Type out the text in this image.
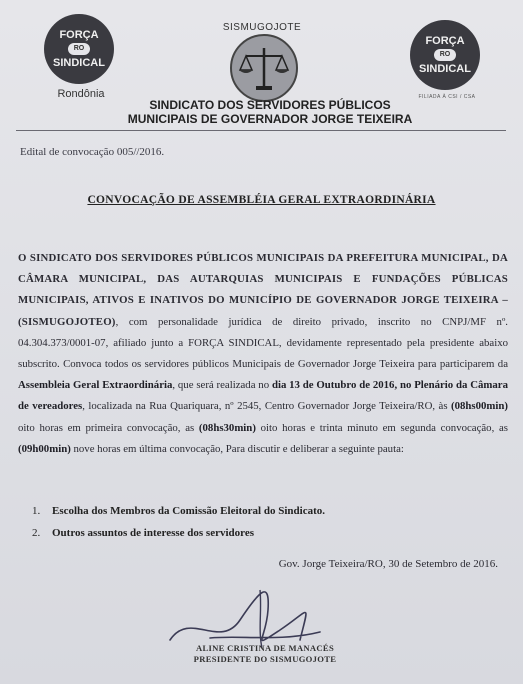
FORÇA
RO
SINDICAL
Rondônia
SISMUGOJOTE
FORÇA
RO
SINDICAL
FILIADA À CSI / CSA
SINDICATO DOS SERVIDORES PÚBLICOS
MUNICIPAIS DE GOVERNADOR JORGE TEIXEIRA
Edital de convocação 005//2016.
CONVOCAÇÃO DE ASSEMBLÉIA GERAL EXTRAORDINÁRIA
O SINDICATO DOS SERVIDORES PÚBLICOS MUNICIPAIS DA PREFEITURA MUNICIPAL, DA CÂMARA MUNICIPAL, DAS AUTARQUIAS MUNICIPAIS E FUNDAÇÕES PÚBLICAS MUNICIPAIS, ATIVOS E INATIVOS DO MUNICÍPIO DE GOVERNADOR JORGE TEIXEIRA – (SISMUGOJOTEO), com personalidade jurídica de direito privado, inscrito no CNPJ/MF nº. 04.304.373/0001-07, afiliado junto a FORÇA SINDICAL, devidamente representado pela presidente abaixo subscrito. Convoca todos os servidores públicos Municipais de Governador Jorge Teixeira para participarem da Assembleia Geral Extraordinária, que será realizada no dia 13 de Outubro de 2016, no Plenário da Câmara de vereadores, localizada na Rua Quariquara, nº 2545, Centro Governador Jorge Teixeira/RO, às (08hs00min) oito horas em primeira convocação, as (08hs30min) oito horas e trinta minuto em segunda convocação, as (09h00min) nove horas em última convocação, Para discutir e deliberar a seguinte pauta:
1. Escolha dos Membros da Comissão Eleitoral do Sindicato.
2. Outros assuntos de interesse dos servidores
Gov. Jorge Teixeira/RO, 30 de Setembro de 2016.
ALINE CRISTINA DE MANACÉS
PRESIDENTE DO SISMUGOJOTE
